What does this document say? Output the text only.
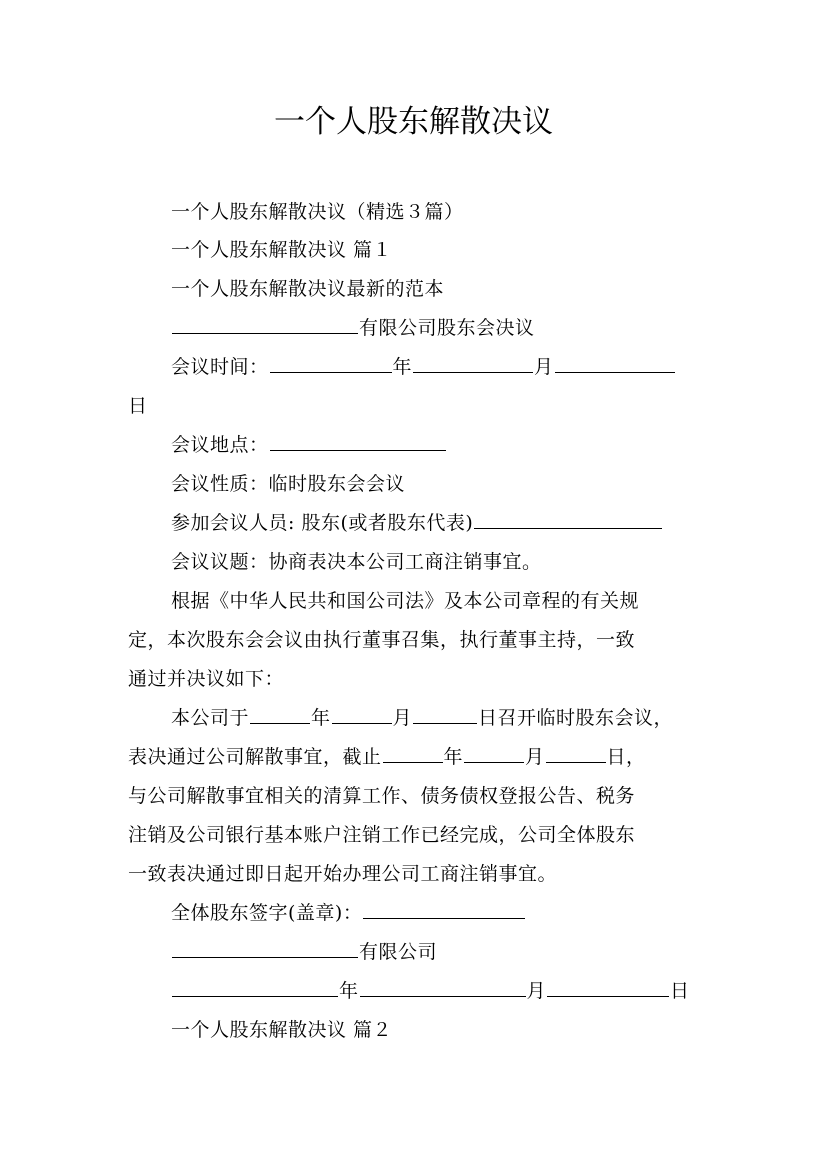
一个人股东解散决议
一个人股东解散决议（精选３篇）
一个人股东解散决议 篇１
一个人股东解散决议最新的范本
有限公司股东会决议
会议时间：	年	月
日
会议地点：
会议性质：临时股东会会议
参加会议人员: 股东(或者股东代表)
会议议题：协商表决本公司工商注销事宜。
根据《中华人民共和国公司法》及本公司章程的有关规
定，本次股东会会议由执行董事召集，执行董事主持，一致
通过并决议如下：
本公司于	年	月	日召开临时股东会议，
表决通过公司解散事宜，截止	年	月	日，
与公司解散事宜相关的清算工作、债务债权登报公告、税务
注销及公司银行基本账户注销工作已经完成，公司全体股东
一致表决通过即日起开始办理公司工商注销事宜。
全体股东签字(盖章)：
有限公司
年	月	日
一个人股东解散决议 篇２
